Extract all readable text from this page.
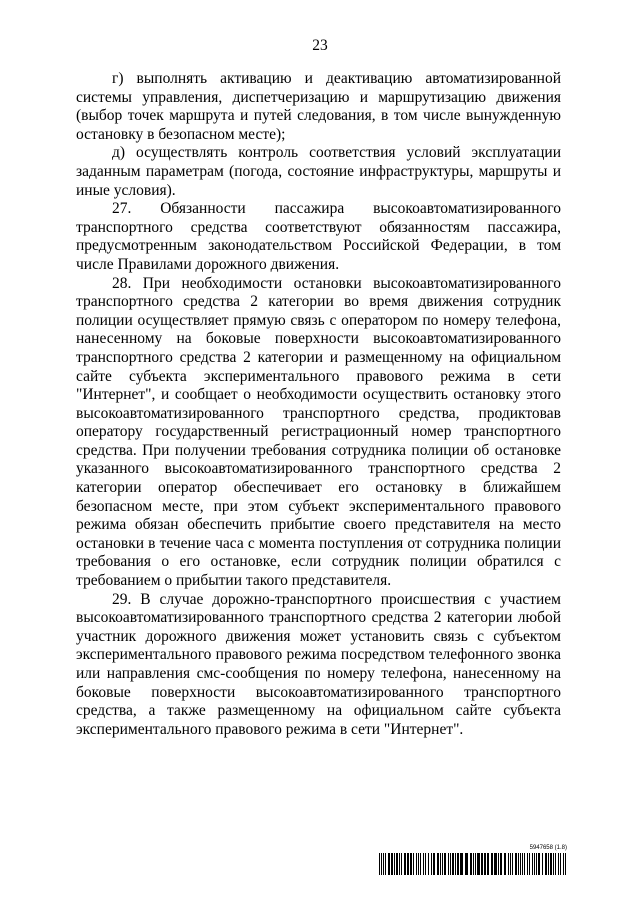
23

г) выполнять активацию и деактивацию автоматизированной системы управления, диспетчеризацию и маршрутизацию движения (выбор точек маршрута и путей следования, в том числе вынужденную остановку в безопасном месте);

д) осуществлять контроль соответствия условий эксплуатации заданным параметрам (погода, состояние инфраструктуры, маршруты и иные условия).

27. Обязанности пассажира высокоавтоматизированного транспортного средства соответствуют обязанностям пассажира, предусмотренным законодательством Российской Федерации, в том числе Правилами дорожного движения.

28. При необходимости остановки высокоавтоматизированного транспортного средства 2 категории во время движения сотрудник полиции осуществляет прямую связь с оператором по номеру телефона, нанесенному на боковые поверхности высокоавтоматизированного транспортного средства 2 категории и размещенному на официальном сайте субъекта экспериментального правового режима в сети "Интернет", и сообщает о необходимости осуществить остановку этого высокоавтоматизированного транспортного средства, продиктовав оператору государственный регистрационный номер транспортного средства. При получении требования сотрудника полиции об остановке указанного высокоавтоматизированного транспортного средства 2 категории оператор обеспечивает его остановку в ближайшем безопасном месте, при этом субъект экспериментального правового режима обязан обеспечить прибытие своего представителя на место остановки в течение часа с момента поступления от сотрудника полиции требования о его остановке, если сотрудник полиции обратился с требованием о прибытии такого представителя.

29. В случае дорожно-транспортного происшествия с участием высокоавтоматизированного транспортного средства 2 категории любой участник дорожного движения может установить связь с субъектом экспериментального правового режима посредством телефонного звонка или направления смс-сообщения по номеру телефона, нанесенному на боковые поверхности высокоавтоматизированного транспортного средства, а также размещенному на официальном сайте субъекта экспериментального правового режима в сети "Интернет".

5947658 (1.8)
